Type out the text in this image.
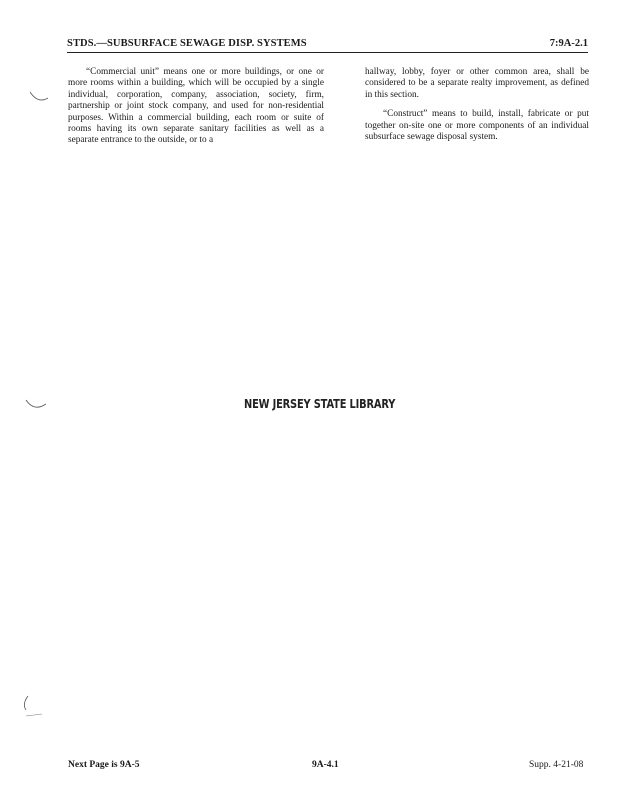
STDS.—SUBSURFACE SEWAGE DISP. SYSTEMS	7:9A-2.1

“Commercial unit” means one or more buildings, or one or more rooms within a building, which will be occupied by a single individual, corporation, company, association, society, firm, partnership or joint stock company, and used for non-residential purposes. Within a commercial building, each room or suite of rooms having its own separate sanitary facilities as well as a separate entrance to the outside, or to a

hallway, lobby, foyer or other common area, shall be considered to be a separate realty improvement, as defined in this section.

“Construct” means to build, install, fabricate or put together on-site one or more components of an individual subsurface sewage disposal system.

NEW JERSEY STATE LIBRARY
Next Page is 9A-5	9A-4.1	Supp. 4-21-08
